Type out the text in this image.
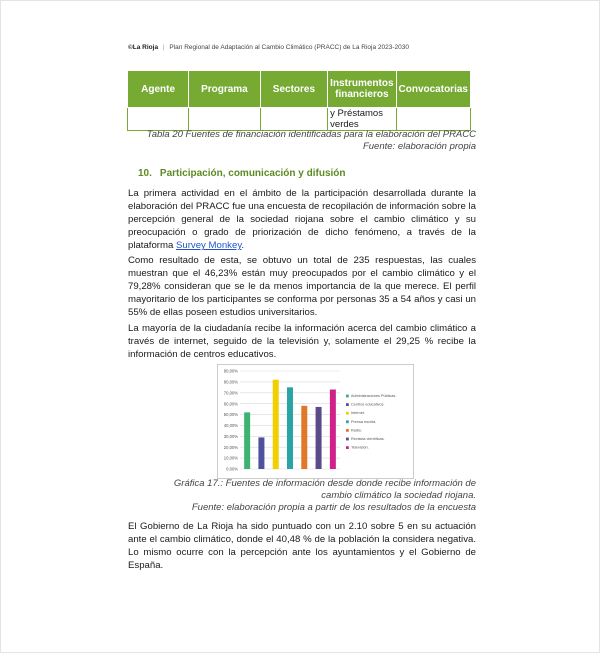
©La Rioja | Plan Regional de Adaptación al Cambio Climático (PRACC) de La Rioja 2023-2030
Agente	Programa	Sectores	Instrumentos financieros	Convocatorias
			y Préstamos verdes	
Tabla 20 Fuentes de financiación identificadas para la elaboración del PRACC
Fuente: elaboración propia
10. Participación, comunicación y difusión
La primera actividad en el ámbito de la participación desarrollada durante la elaboración del PRACC fue una encuesta de recopilación de información sobre la percepción general de la sociedad riojana sobre el cambio climático y su preocupación o grado de priorización de dicho fenómeno, a través de la plataforma Survey Monkey.
Como resultado de esta, se obtuvo un total de 235 respuestas, las cuales muestran que el 46,23% están muy preocupados por el cambio climático y el 79,28% consideran que se le da menos importancia de la que merece. El perfil mayoritario de los participantes se conforma por personas 35 a 54 años y casi un 55% de ellas poseen estudios universitarios.
La mayoría de la ciudadanía recibe la información acerca del cambio climático a través de internet, seguido de la televisión y, solamente el 29,25 % recibe la información de centros educativos.
0,00%
10,00%
20,00%
30,00%
40,00%
50,00%
60,00%
70,00%
80,00%
90,00%
Administraciones Públicas.
Centros educativos.
Internet.
Prensa escrita.
Radio.
Revistas científicas.
Televisión.
Gráfica 17.: Fuentes de información desde donde recibe información de
cambio climático la sociedad riojana.
Fuente: elaboración propia a partir de los resultados de la encuesta
El Gobierno de La Rioja ha sido puntuado con un 2.10 sobre 5 en su actuación ante el cambio climático, donde el 40,48 % de la población la considera negativa. Lo mismo ocurre con la percepción ante los ayuntamientos y el Gobierno de España.
